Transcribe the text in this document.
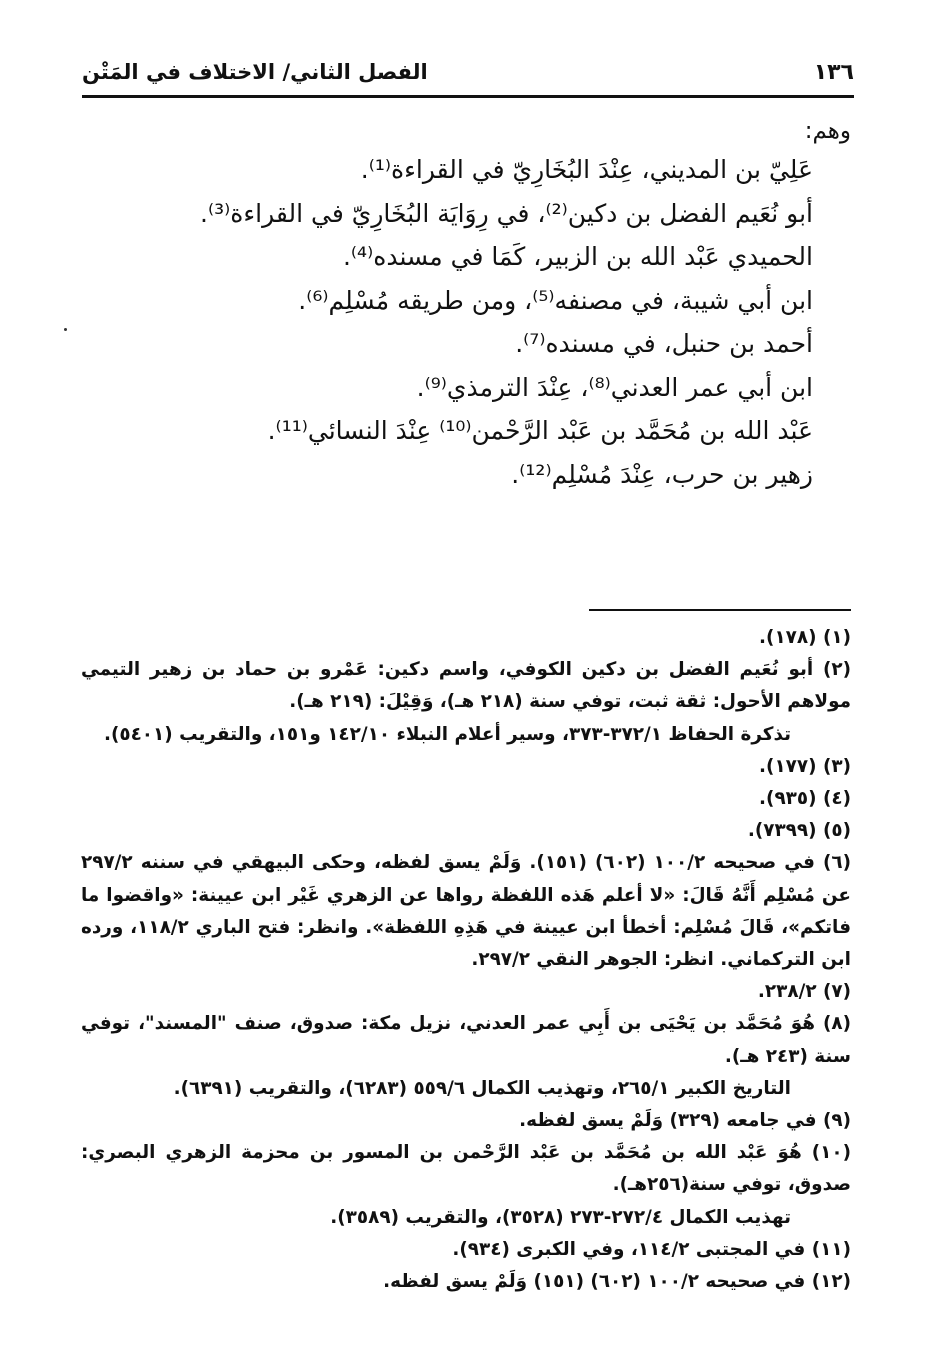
١٣٦
الفصل الثاني/ الاختلاف في المَتْن
وهم:
عَلِيّ بن المديني، عِنْدَ البُخَارِيّ في القراءة⁽¹⁾.
أبو نُعَيم الفضل بن دكين⁽²⁾، في رِوَايَة البُخَارِيّ في القراءة⁽³⁾.
الحميدي عَبْد الله بن الزبير، كَمَا في مسنده⁽⁴⁾.
ابن أبي شيبة، في مصنفه⁽⁵⁾، ومن طريقه مُسْلِم⁽⁶⁾.
أحمد بن حنبل، في مسنده⁽⁷⁾.
ابن أبي عمر العدني⁽⁸⁾، عِنْدَ الترمذي⁽⁹⁾.
عَبْد الله بن مُحَمَّد بن عَبْد الرَّحْمن⁽¹⁰⁾ عِنْدَ النسائي⁽¹¹⁾.
زهير بن حرب، عِنْدَ مُسْلِم⁽¹²⁾.
(١) (١٧٨).
(٢) أبو نُعَيم الفضل بن دكين الكوفي، واسم دكين: عَمْرو بن حماد بن زهير التيمي مولاهم الأحول: ثقة ثبت، توفي سنة (٢١٨ هـ)، وَقِيْلَ: (٢١٩ هـ).
تذكرة الحفاظ ٣٧٢/١-٣٧٣، وسير أعلام النبلاء ١٤٢/١٠ و١٥١، والتقريب (٥٤٠١).
(٣) (١٧٧).
(٤) (٩٣٥).
(٥) (٧٣٩٩).
(٦) في صحيحه ١٠٠/٢ (٦٠٢) (١٥١). وَلَمْ يسق لفظه، وحكى البيهقي في سننه ٢٩٧/٢ عن مُسْلِم أَنَّهُ قَالَ: «لا أعلم هَذه اللفظة رواها عن الزهري غَيْر ابن عيينة: «واقضوا ما فاتكم»، قَالَ مُسْلِم: أخطأ ابن عيينة في هَذِهِ اللفظة». وانظر: فتح الباري ١١٨/٢، ورده ابن التركماني. انظر: الجوهر النقي ٢٩٧/٢.
(٧) ٢٣٨/٢.
(٨) هُوَ مُحَمَّد بن يَحْيَى بن أَبِي عمر العدني، نزيل مكة: صدوق، صنف "المسند"، توفي سنة (٢٤٣ هـ).
التاريخ الكبير ٢٦٥/١، وتهذيب الكمال ٥٥٩/٦ (٦٢٨٣)، والتقريب (٦٣٩١).
(٩) في جامعه (٣٢٩) وَلَمْ يسق لفظه.
(١٠) هُوَ عَبْد الله بن مُحَمَّد بن عَبْد الرَّحْمن بن المسور بن محزمة الزهري البصري: صدوق، توفي سنة(٢٥٦هـ).
تهذيب الكمال ٢٧٢/٤-٢٧٣ (٣٥٢٨)، والتقريب (٣٥٨٩).
(١١) في المجتبى ١١٤/٢، وفي الكبرى (٩٣٤).
(١٢) في صحيحه ١٠٠/٢ (٦٠٢) (١٥١) وَلَمْ يسق لفظه.
